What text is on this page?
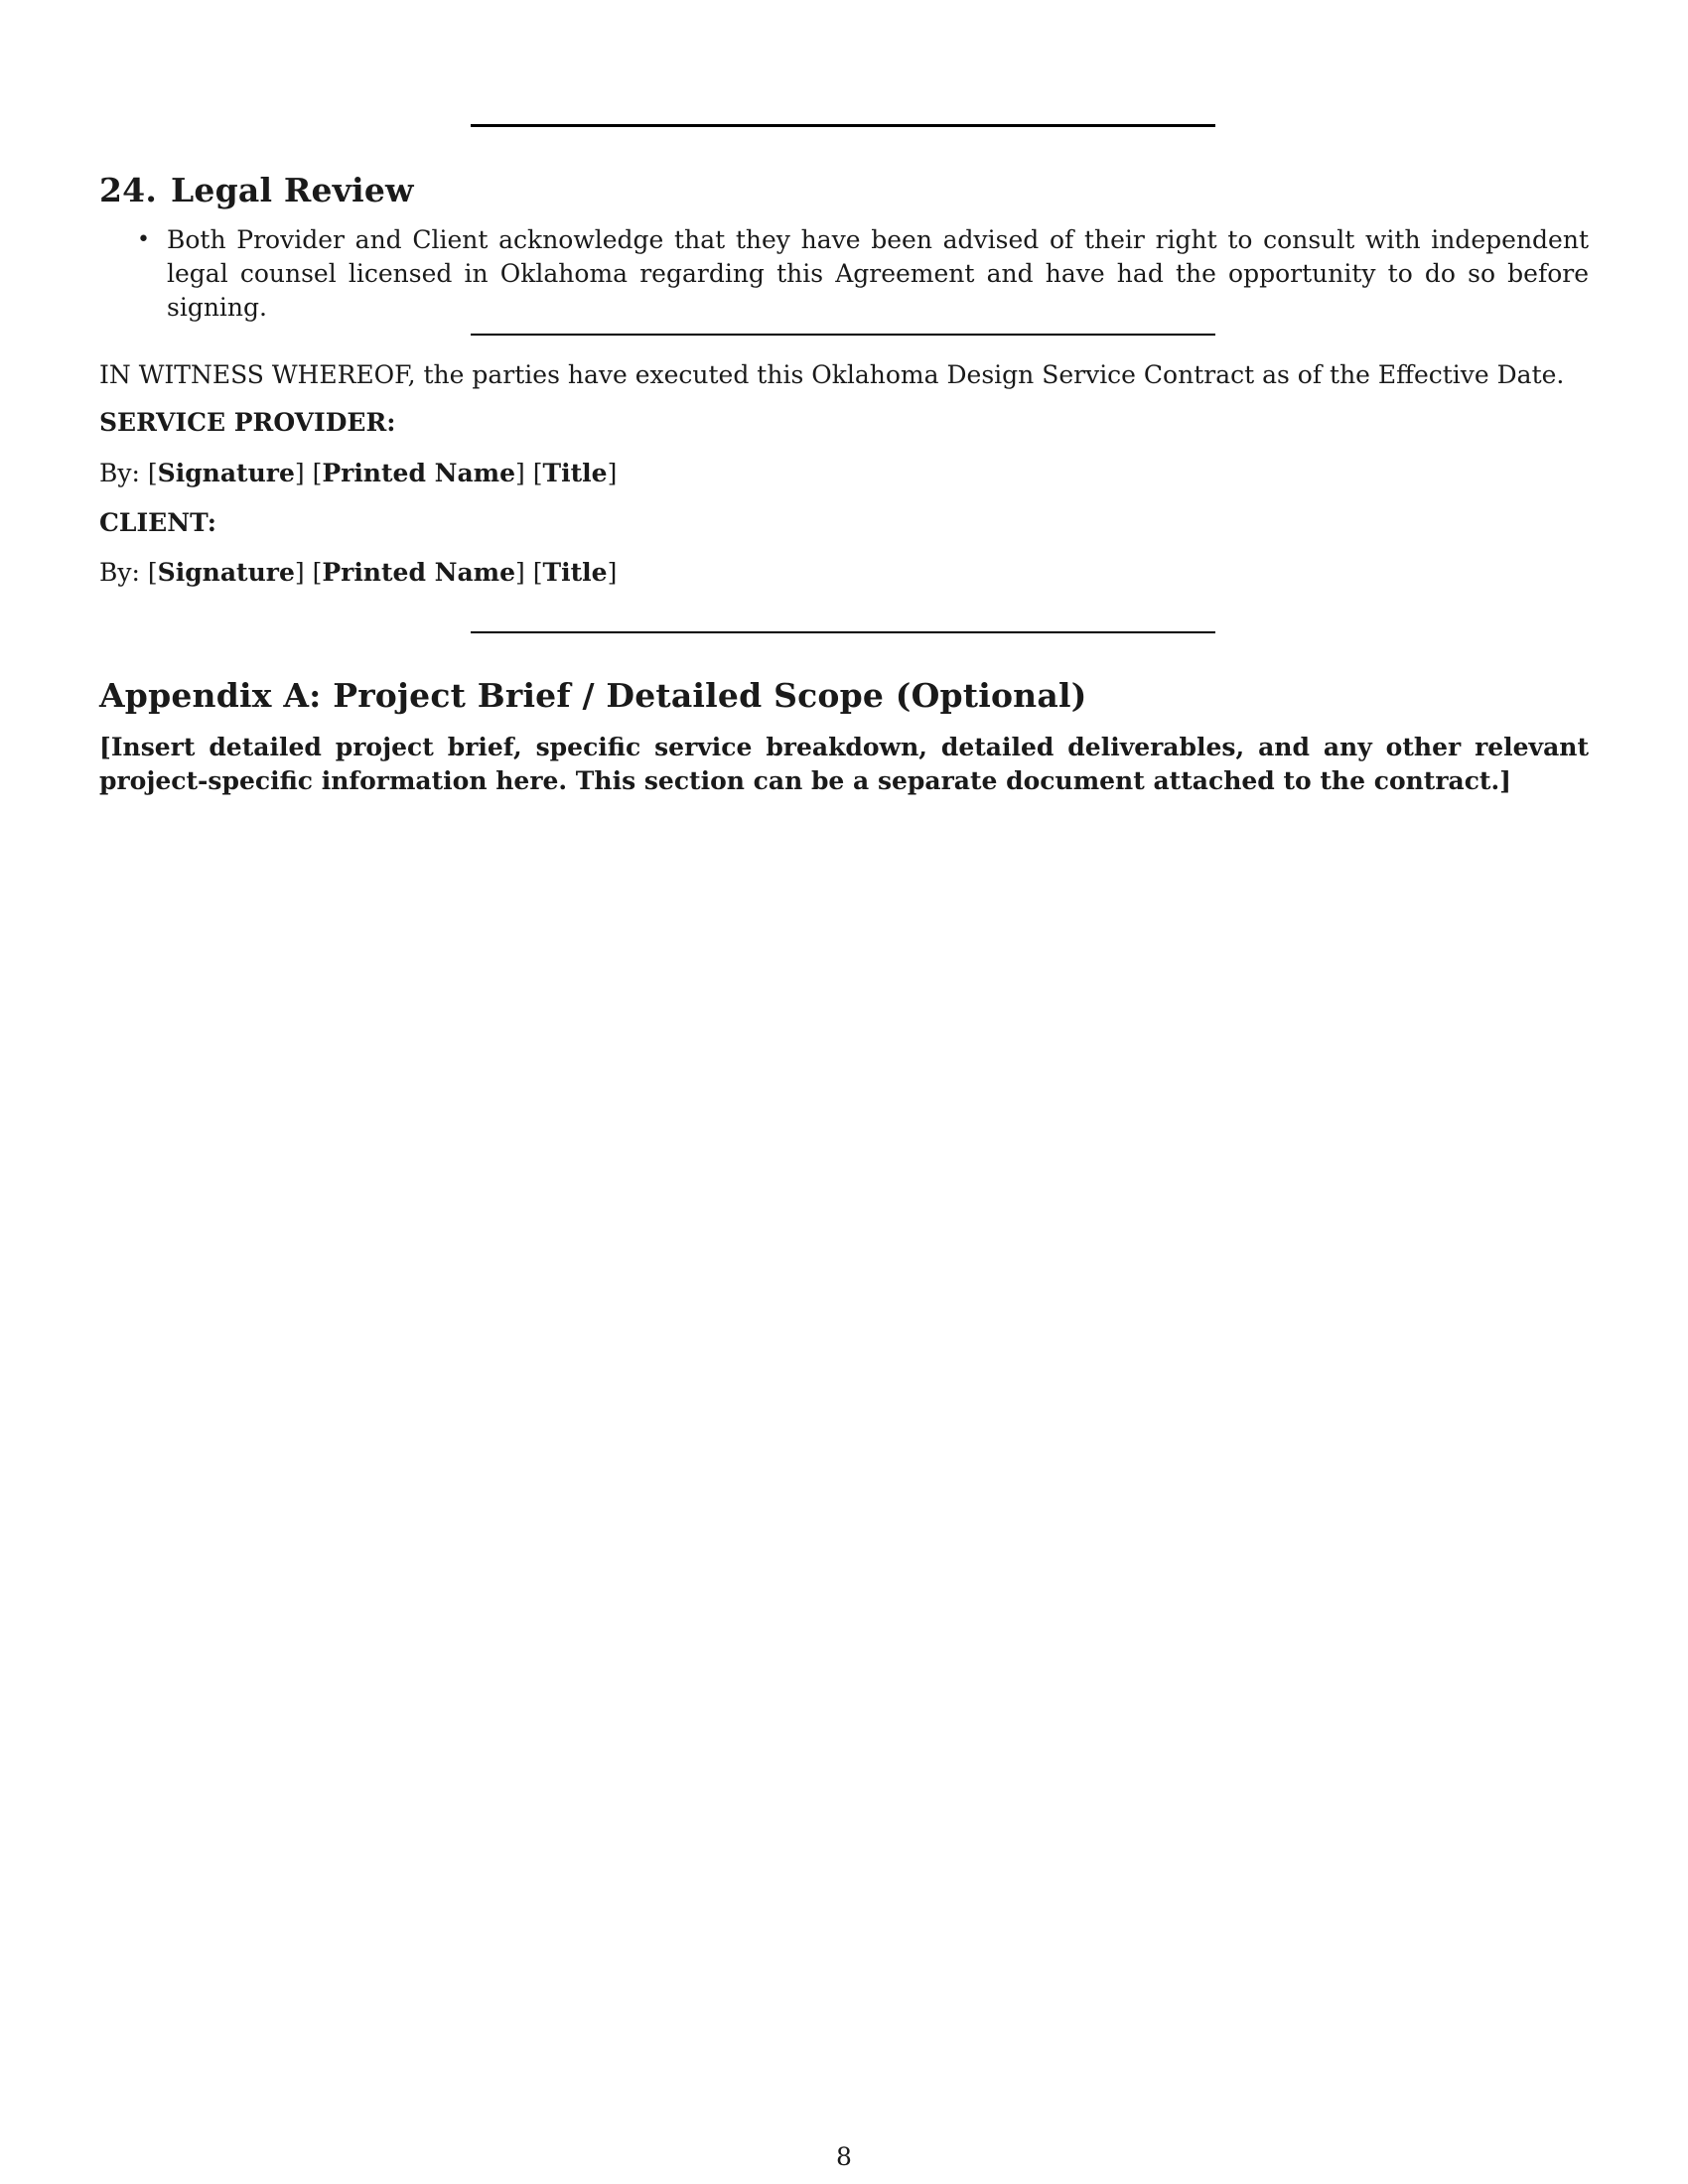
24. Legal Review
• Both Provider and Client acknowledge that they have been advised of their right to consult with independent legal counsel licensed in Oklahoma regarding this Agreement and have had the opportunity to do so before signing.

IN WITNESS WHEREOF, the parties have executed this Oklahoma Design Service Contract as of the Effective Date.

SERVICE PROVIDER:

By: [Signature] [Printed Name] [Title]

CLIENT:

By: [Signature] [Printed Name] [Title]

Appendix A: Project Brief / Detailed Scope (Optional)

[Insert detailed project brief, specific service breakdown, detailed deliverables, and any other relevant project-specific information here. This section can be a separate document attached to the contract.]

8
